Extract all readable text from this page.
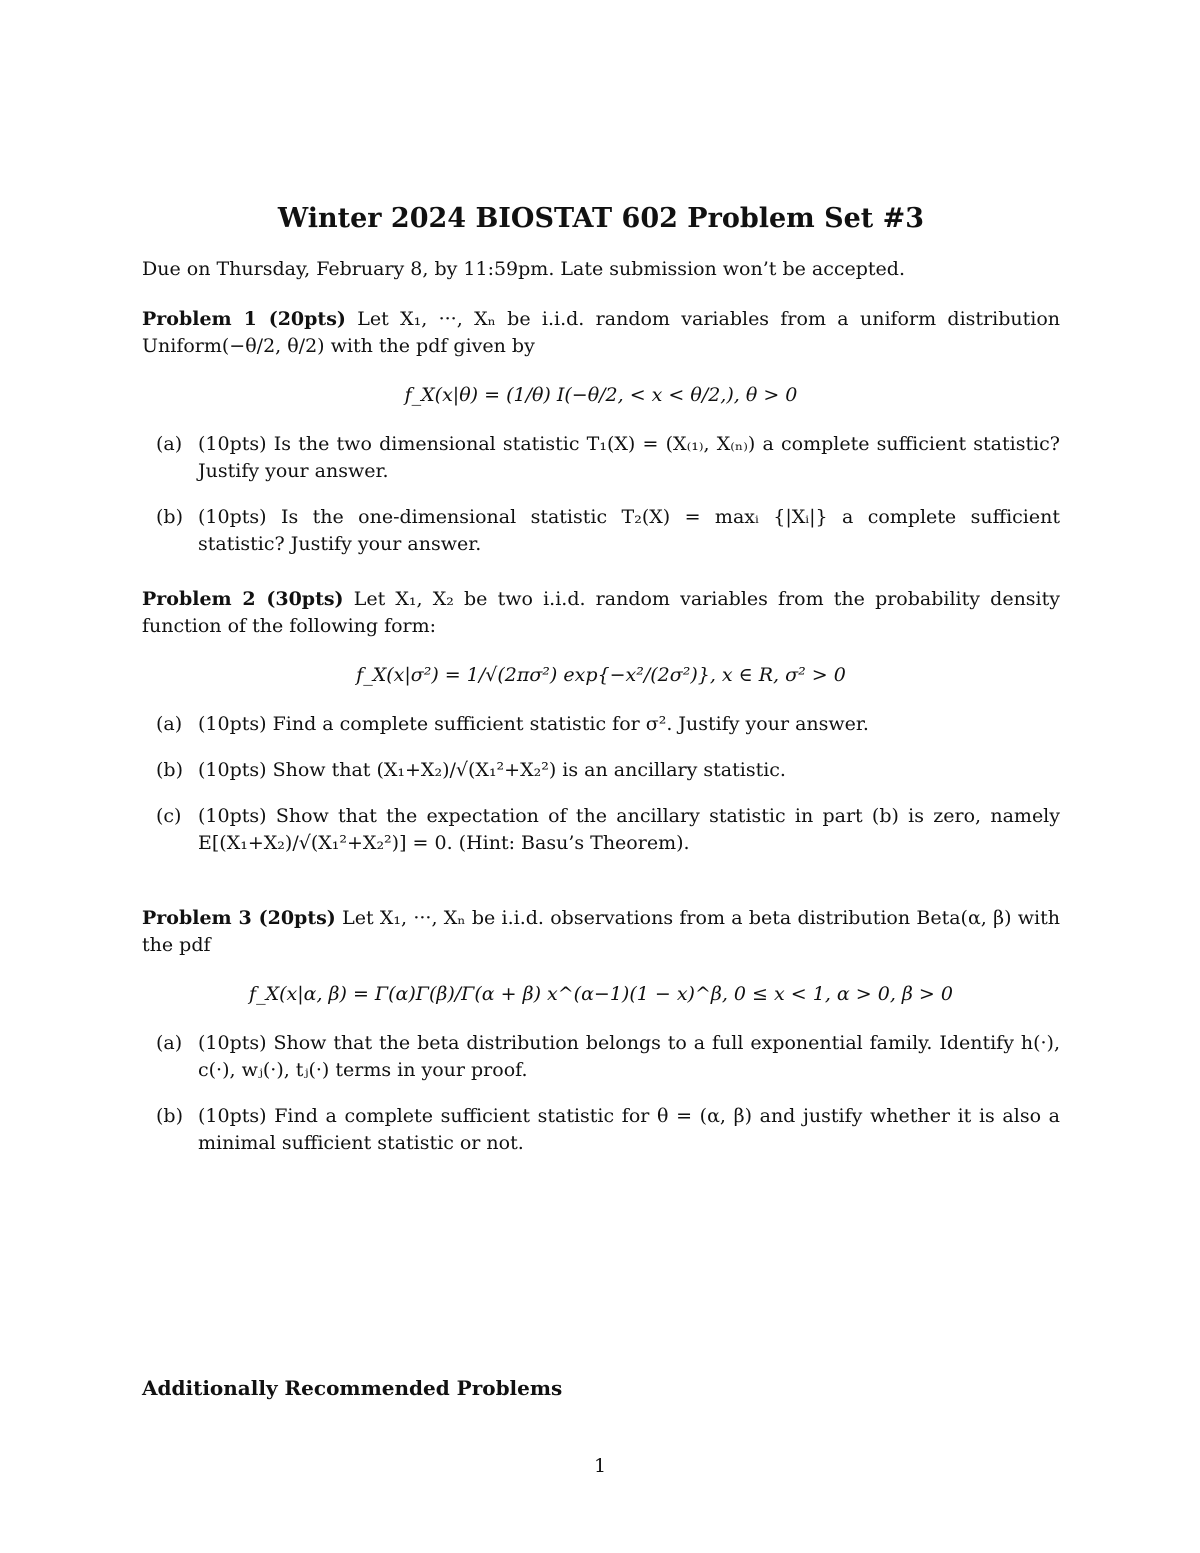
Winter 2024 BIOSTAT 602 Problem Set #3
Due on Thursday, February 8, by 11:59pm. Late submission won’t be accepted.

Problem 1 (20pts) Let X₁, ···, Xₙ be i.i.d. random variables from a uniform distribution Uniform(−θ/2, θ/2) with the pdf given by

f_X(x|θ) = (1/θ) I(−θ/2, < x < θ/2,), θ > 0
(a) (10pts) Is the two dimensional statistic T₁(X) = (X₍₁₎, X₍ₙ₎) a complete sufficient statistic? Justify your answer.
(b) (10pts) Is the one-dimensional statistic T₂(X) = maxᵢ {|Xᵢ|} a complete sufficient statistic? Justify your answer.

Problem 2 (30pts) Let X₁, X₂ be two i.i.d. random variables from the probability density function of the following form:

f_X(x|σ²) = 1/√(2πσ²) exp{−x²/(2σ²)}, x ∈ R, σ² > 0
(a) (10pts) Find a complete sufficient statistic for σ². Justify your answer.
(b) (10pts) Show that (X₁+X₂)/√(X₁²+X₂²) is an ancillary statistic.
(c) (10pts) Show that the expectation of the ancillary statistic in part (b) is zero, namely E[(X₁+X₂)/√(X₁²+X₂²)] = 0. (Hint: Basu’s Theorem).

Problem 3 (20pts) Let X₁, ···, Xₙ be i.i.d. observations from a beta distribution Beta(α, β) with the pdf

f_X(x|α, β) = Γ(α)Γ(β)/Γ(α + β) x^(α−1)(1 − x)^β, 0 ≤ x < 1, α > 0, β > 0
(a) (10pts) Show that the beta distribution belongs to a full exponential family. Identify h(·), c(·), wⱼ(·), tⱼ(·) terms in your proof.
(b) (10pts) Find a complete sufficient statistic for θ = (α, β) and justify whether it is also a minimal sufficient statistic or not.
Additionally Recommended Problems
1
